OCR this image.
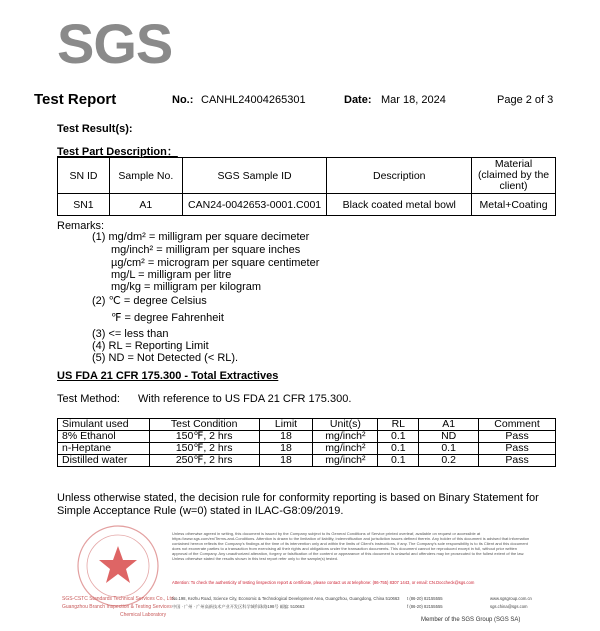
SGS
Test Report	No.: CANHL24004265301	Date: Mar 18, 2024	Page 2 of 3
Test Result(s):
Test Part Description：
SN ID	Sample No.	SGS Sample ID	Description	Material (claimed by the client)
SN1	A1	CAN24-0042653-0001.C001	Black coated metal bowl	Metal+Coating
Remarks:
(1) mg/dm² = milligram per square decimeter
mg/inch² = milligram per square inches
µg/cm² = microgram per square centimeter
mg/L = milligram per litre
mg/kg = milligram per kilogram
(2) ℃ = degree Celsius
℉ = degree Fahrenheit
(3) <= less than
(4) RL = Reporting Limit
(5) ND = Not Detected (< RL).
US FDA 21 CFR 175.300 - Total Extractives
Test Method: With reference to US FDA 21 CFR 175.300.
Simulant used	Test Condition	Limit	Unit(s)	RL	A1	Comment
8% Ethanol	150℉, 2 hrs	18	mg/inch²	0.1	ND	Pass
n-Heptane	150℉, 2 hrs	18	mg/inch²	0.1	0.1	Pass
Distilled water	250℉, 2 hrs	18	mg/inch²	0.1	0.2	Pass
Unless otherwise stated, the decision rule for conformity reporting is based on Binary Statement for Simple Acceptance Rule (w=0) stated in ILAC-G8:09/2019.
SGS-CSTC Standards Technical Services Co., Ltd.
Guangzhou Branch Inspection & Testing Services
Chemical Laboratory
Unless otherwise agreed in writing, this document is issued by the Company subject to its General Conditions of Service printed overleaf, available on request or accessible at https://www.sgs.com/en/Terms-and-Conditions. Attention is drawn to the limitation of liability, indemnification and jurisdiction issues defined therein. Any holder of this document is advised that information contained hereon reflects the Company's findings at the time of its intervention only and within the limits of Client's instructions, if any. The Company's sole responsibility is to its Client and this document does not exonerate parties to a transaction from exercising all their rights and obligations under the transaction documents. This document cannot be reproduced except in full, without prior written approval of the Company. Any unauthorized alteration, forgery or falsification of the content or appearance of this document is unlawful and offenders may be prosecuted to the fullest extent of the law. Unless otherwise stated the results shown in this test report refer only to the sample(s) tested.
Attention: To check the authenticity of testing /inspection report & certificate, please contact us at telephone: (86-755) 8307 1443, or email: CN.Doccheck@sgs.com
No.198, Kezhu Road, Science City, Economic & Technological Development Area, Guangzhou, Guangdong, China 510663
中国 · 广州 · 广州高新技术产业开发区科学城科珠路198号 邮编: 510663
t (86-20) 82155555
f (86-20) 82155555
www.sgsgroup.com.cn
sgs.china@sgs.com
Member of the SGS Group (SGS SA)
